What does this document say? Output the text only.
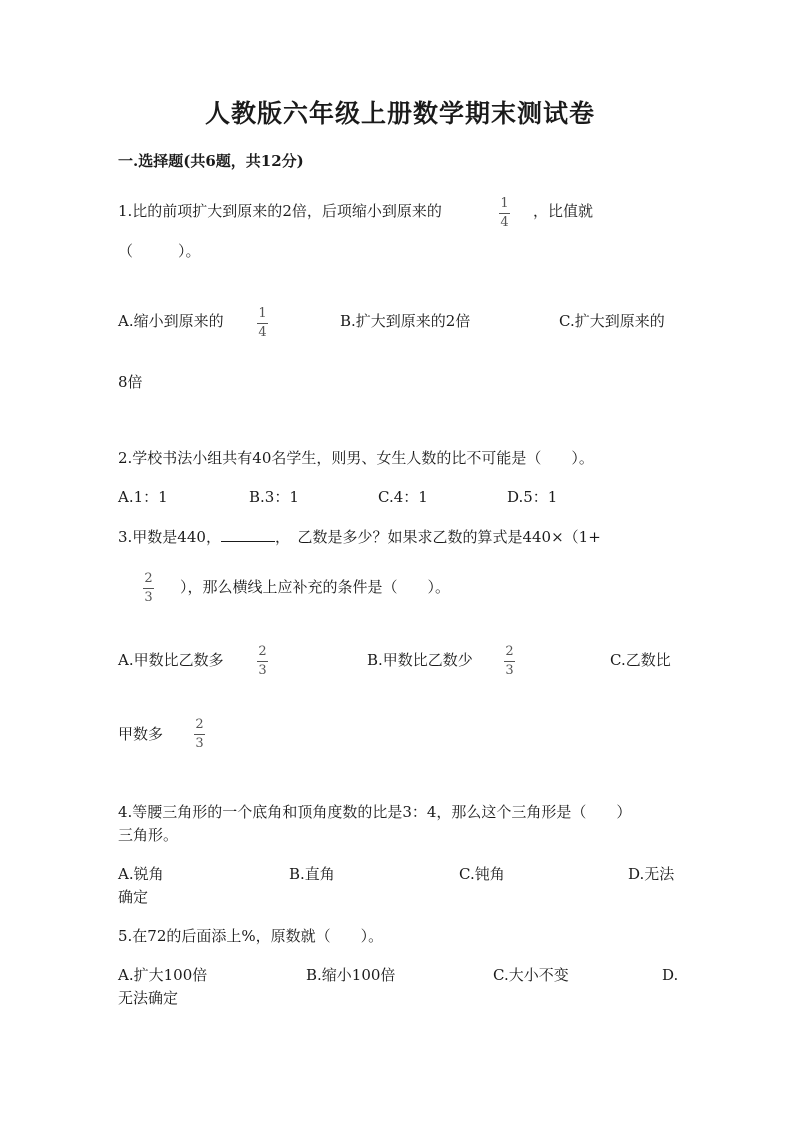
人教版六年级上册数学期末测试卷
一.选择题(共6题，共12分)
1.比的前项扩大到原来的2倍，后项缩小到原来的	1
4
，比值就
（　　　）。
A.缩小到原来的	1
4
B.扩大到原来的2倍	C.扩大到原来的
8倍
2.学校书法小组共有40名学生，则男、女生人数的比不可能是（　　）。
A.1：1	B.3：1	C.4：1	D.5：1
3.甲数是440，	，　乙数是多少？如果求乙数的算式是440×（1+
2
3
），那么横线上应补充的条件是（　　）。
A.甲数比乙数多	2
3
B.甲数比乙数少	2
3
C.乙数比
甲数多
2
3
4.等腰三角形的一个底角和顶角度数的比是3：4，那么这个三角形是（　　）
三角形。
A.锐角	B.直角	C.钝角	D.无法
确定
5.在72的后面添上%，原数就（　　）。
A.扩大100倍	B.缩小100倍	C.大小不变	D.
无法确定
